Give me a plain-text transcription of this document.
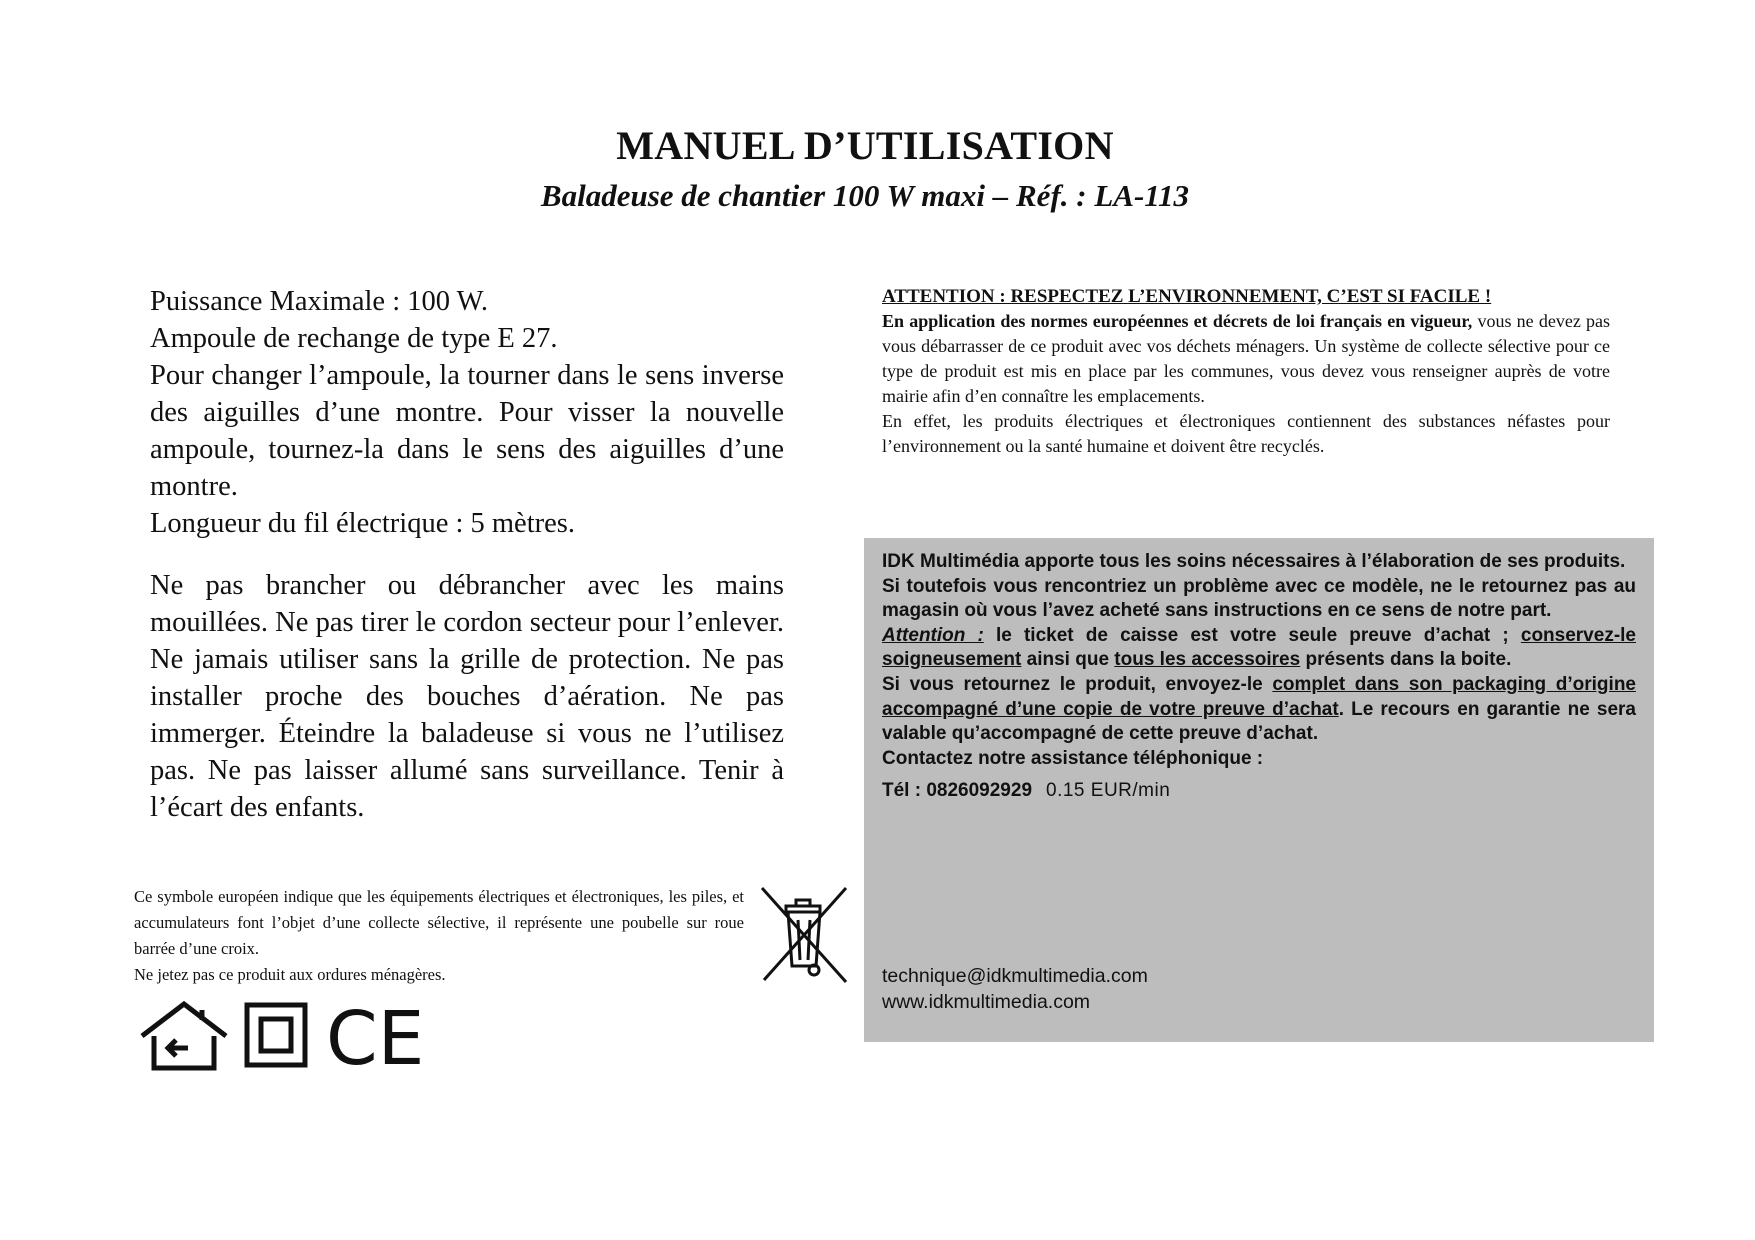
MANUEL D’UTILISATION
Baladeuse de chantier 100 W maxi – Réf. : LA-113

Puissance Maximale : 100 W.

Ampoule de rechange de type E 27.

Pour changer l’ampoule, la tourner dans le sens inverse des aiguilles d’une montre. Pour visser la nouvelle ampoule, tournez-la dans le sens des aiguilles d’une montre.

Longueur du fil électrique : 5 mètres.

Ne pas brancher ou débrancher avec les mains mouillées. Ne pas tirer le cordon secteur pour l’enlever. Ne jamais utiliser sans la grille de protection. Ne pas installer proche des bouches d’aération. Ne pas immerger. Éteindre la baladeuse si vous ne l’utilisez pas. Ne pas laisser allumé sans surveillance. Tenir à l’écart des enfants.

Ce symbole européen indique que les équipements électriques et électroniques, les piles, et accumulateurs font l’objet d’une collecte sélective, il représente une poubelle sur roue barrée d’une croix.

Ne jetez pas ce produit aux ordures ménagères.

CE

ATTENTION : RESPECTEZ L’ENVIRONNEMENT, C’EST SI FACILE !

En application des normes européennes et décrets de loi français en vigueur, vous ne devez pas vous débarrasser de ce produit avec vos déchets ménagers. Un système de collecte sélective pour ce type de produit est mis en place par les communes, vous devez vous renseigner auprès de votre mairie afin d’en connaître les emplacements.

En effet, les produits électriques et électroniques contiennent des substances néfastes pour l’environnement ou la santé humaine et doivent être recyclés.

IDK Multimédia apporte tous les soins nécessaires à l’élaboration de ses produits.

Si toutefois vous rencontriez un problème avec ce modèle, ne le retournez pas au magasin où vous l’avez acheté sans instructions en ce sens de notre part.

Attention : le ticket de caisse est votre seule preuve d’achat ; conservez-le soigneusement ainsi que tous les accessoires présents dans la boite.

Si vous retournez le produit, envoyez-le complet dans son packaging d’origine accompagné d’une copie de votre preuve d’achat. Le recours en garantie ne sera valable qu’accompagné de cette preuve d’achat.

Contactez notre assistance téléphonique :

Tél : 0826092929 0.15 EUR/min

technique@idkmultimedia.com
www.idkmultimedia.com
